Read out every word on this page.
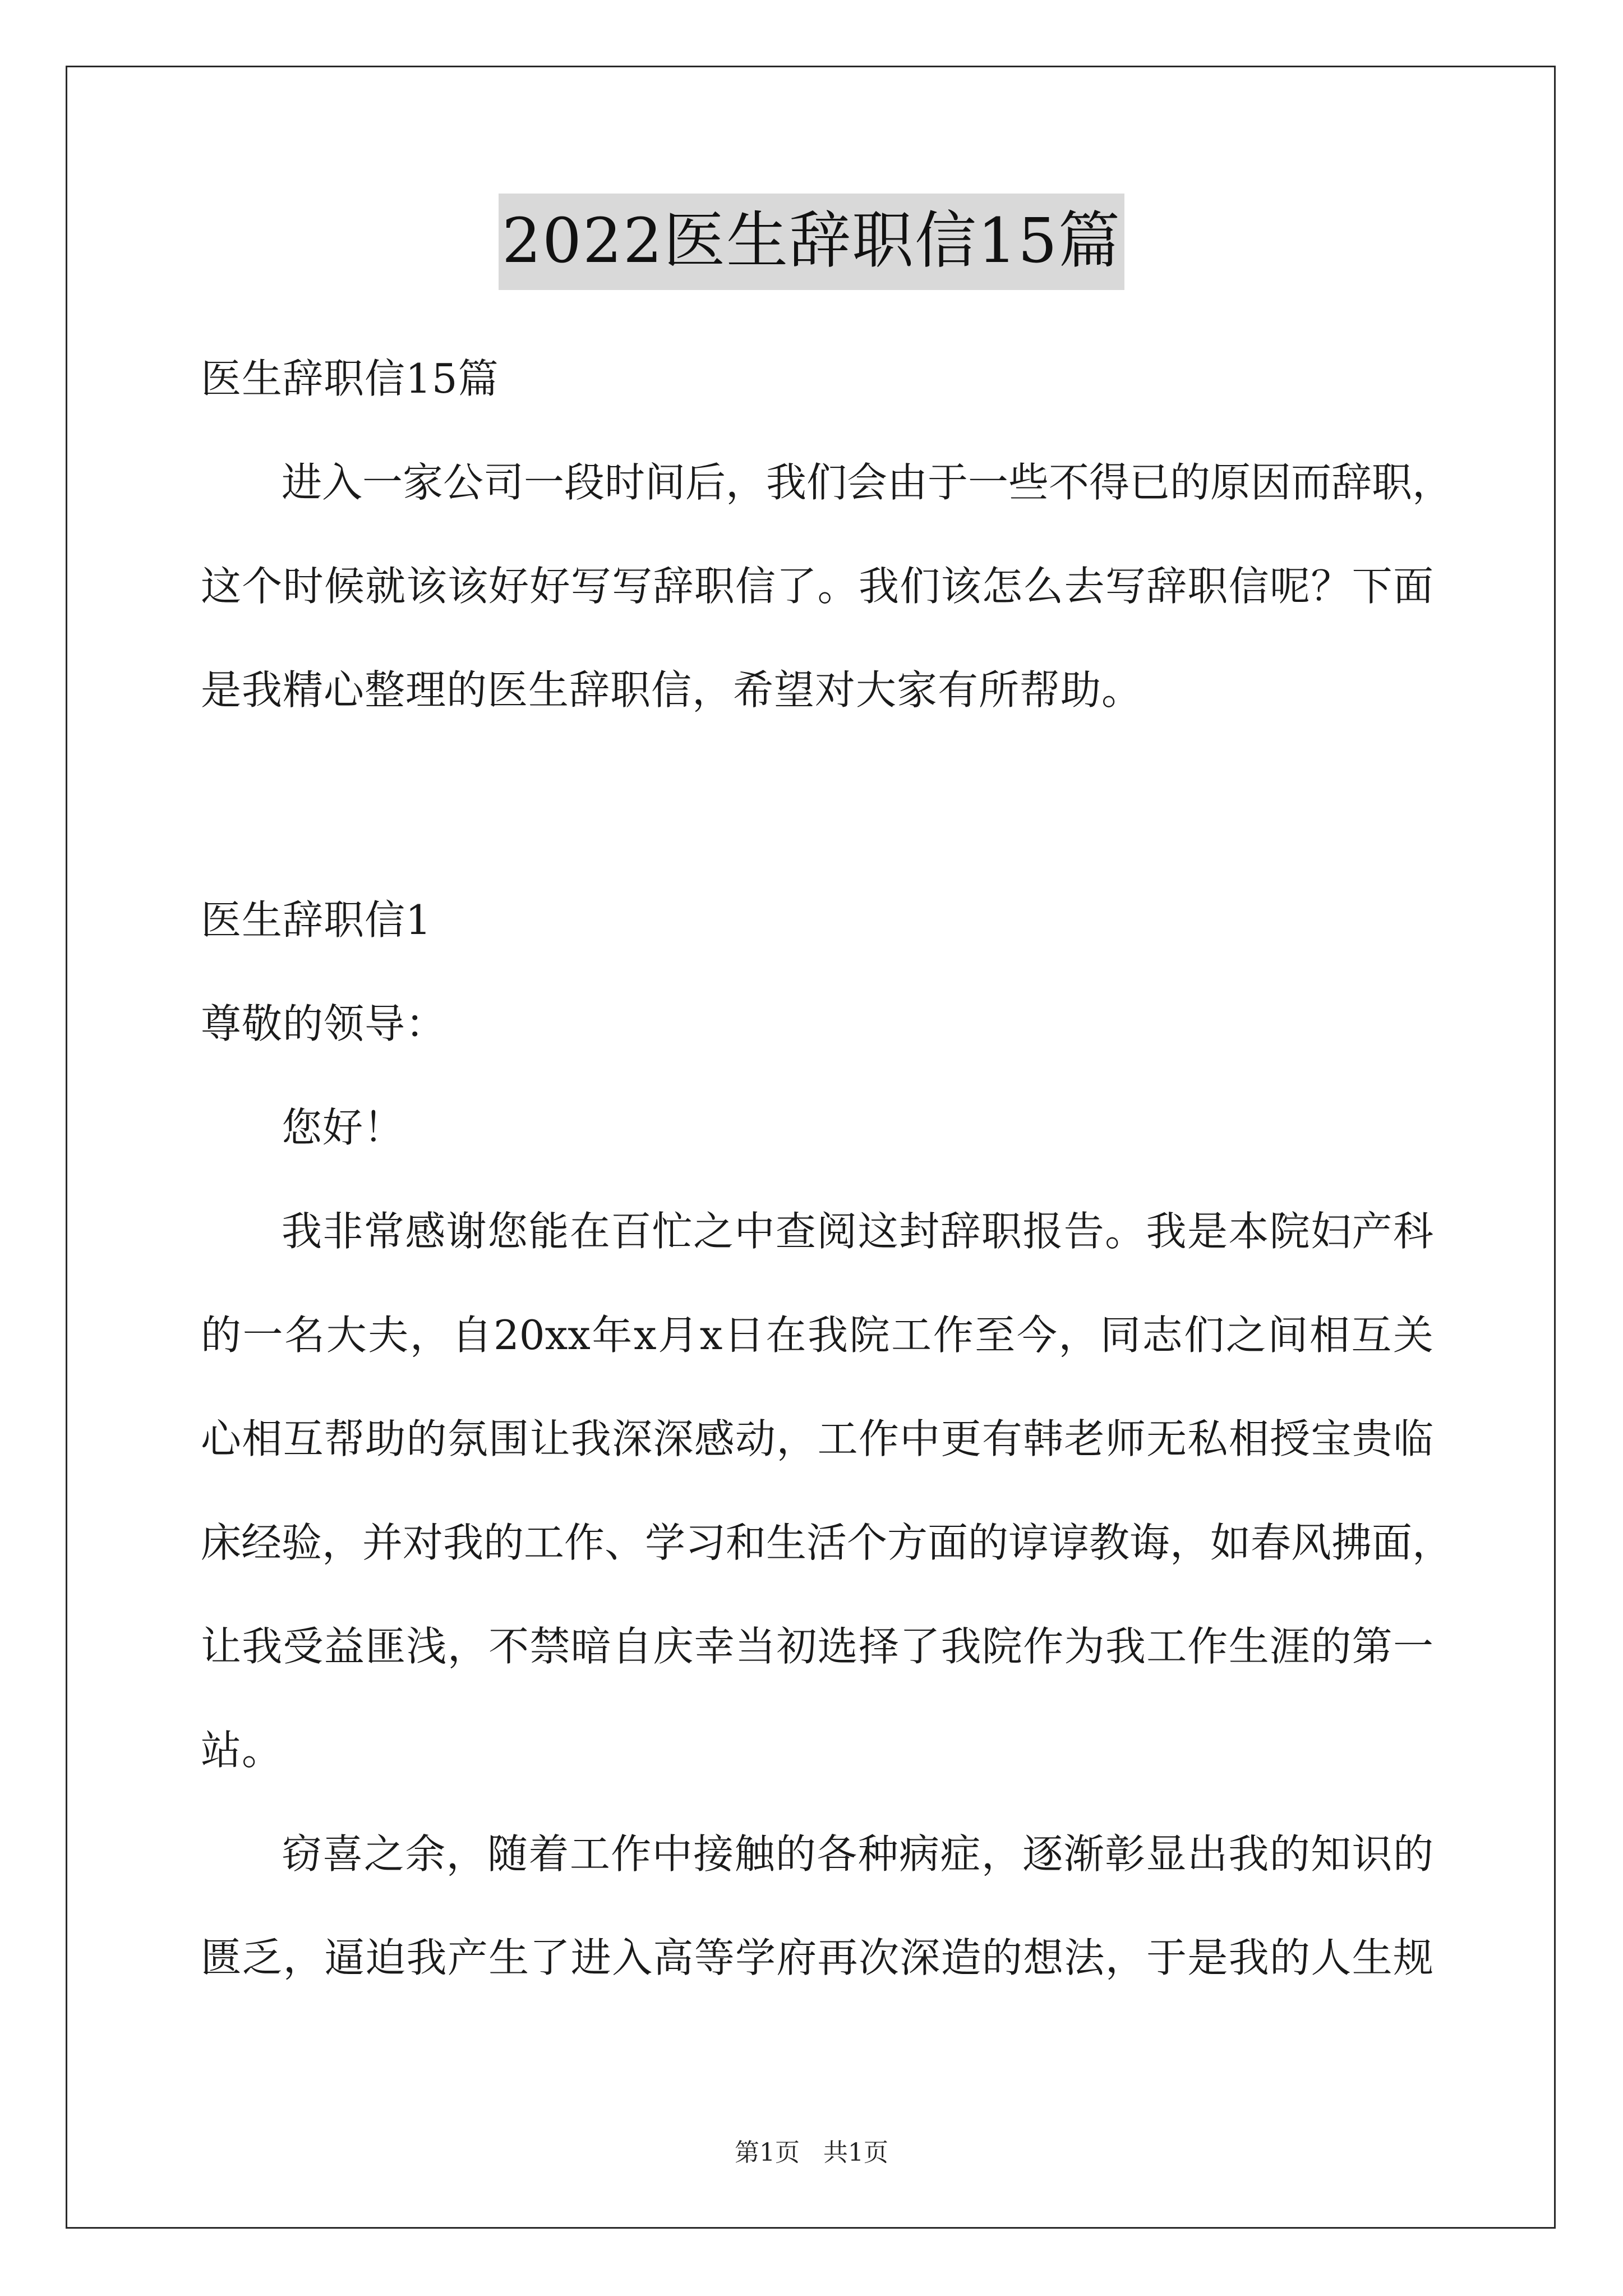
2022医生辞职信15篇
医生辞职信15篇
进入一家公司一段时间后，我们会由于一些不得已的原因而辞职，
这个时候就该该好好写写辞职信了。我们该怎么去写辞职信呢？下面
是我精心整理的医生辞职信，希望对大家有所帮助。
医生辞职信1
尊敬的领导：
您好！
我非常感谢您能在百忙之中查阅这封辞职报告。我是本院妇产科
的一名大夫，自20xx年x月x日在我院工作至今，同志们之间相互关
心相互帮助的氛围让我深深感动，工作中更有韩老师无私相授宝贵临
床经验，并对我的工作、学习和生活个方面的谆谆教诲，如春风拂面，
让我受益匪浅，不禁暗自庆幸当初选择了我院作为我工作生涯的第一
站。
窃喜之余，随着工作中接触的各种病症，逐渐彰显出我的知识的
匮乏，逼迫我产生了进入高等学府再次深造的想法，于是我的人生规
第1页   共1页
